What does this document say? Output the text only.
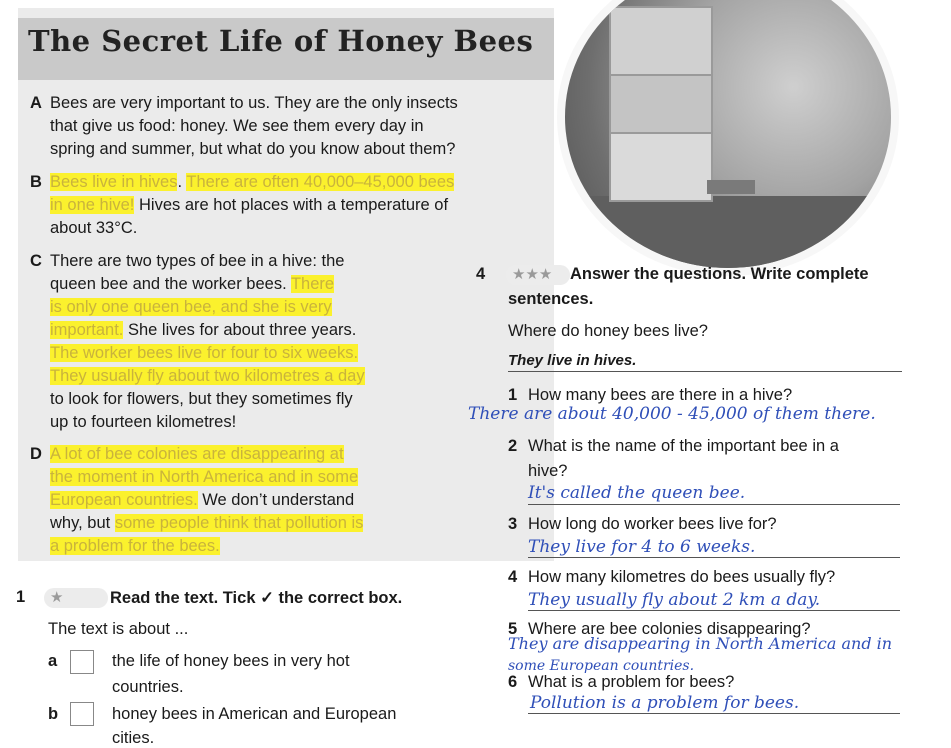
The Secret Life of Honey Bees
A Bees are very important to us. They are the only insects
that give us food: honey. We see them every day in
spring and summer, but what do you know about them?
B Bees live in hives. There are often 40,000–45,000 bees
in one hive! Hives are hot places with a temperature of
about 33°C.
C There are two types of bee in a hive: the
queen bee and the worker bees. There
is only one queen bee, and she is very
important. She lives for about three years.
The worker bees live for four to six weeks.
They usually fly about two kilometres a day
to look for flowers, but they sometimes fly
up to fourteen kilometres!
D A lot of bee colonies are disappearing at
the moment in North America and in some
European countries. We don’t understand
why, but some people think that pollution is
a problem for the bees.
1	★	Read the text. Tick ✓ the correct box.
The text is about ...
a	the life of honey bees in very hot
countries.
b	honey bees in American and European
cities.
4	★★★	Answer the questions. Write complete
sentences.
Where do honey bees live?
They live in hives.
1 How many bees are there in a hive?
There are about 40,000 - 45,000 of them there.
2 What is the name of the important bee in a
hive?
It's called the queen bee.
3 How long do worker bees live for?
They live for 4 to 6 weeks.
4 How many kilometres do bees usually fly?
They usually fly about 2 km a day.
5 Where are bee colonies disappearing?
They are disappearing in North America and in
some European countries.
6 What is a problem for bees?
Pollution is a problem for bees.
